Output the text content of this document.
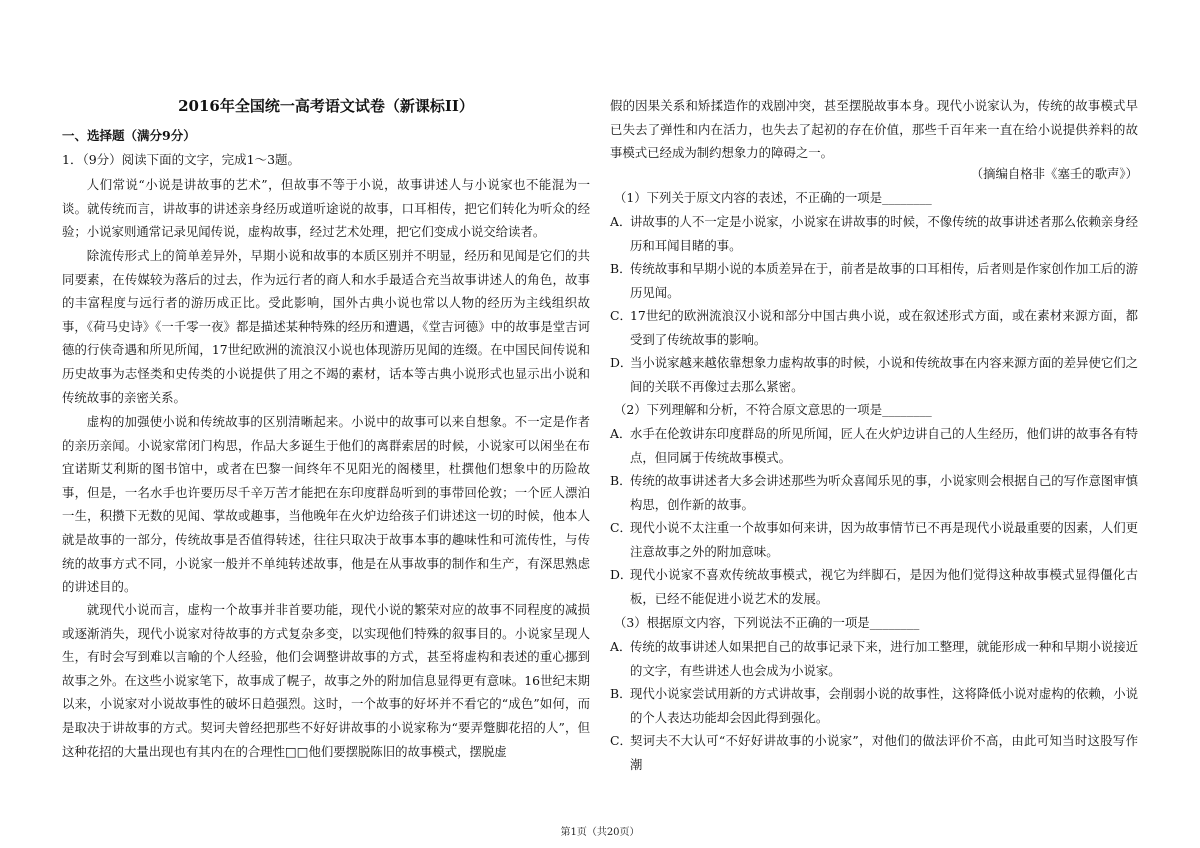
2016年全国统一高考语文试卷（新课标II）
一、选择题（满分9分）
1．（9分）阅读下面的文字，完成1～3题。

人们常说“小说是讲故事的艺术”，但故事不等于小说，故事讲述人与小说家也不能混为一谈。就传统而言，讲故事的讲述亲身经历或道听途说的故事，口耳相传，把它们转化为听众的经验；小说家则通常记录见闻传说，虚构故事，经过艺术处理，把它们变成小说交给读者。

除流传形式上的简单差异外，早期小说和故事的本质区别并不明显，经历和见闻是它们的共同要素，在传媒较为落后的过去，作为远行者的商人和水手最适合充当故事讲述人的角色，故事的丰富程度与远行者的游历成正比。受此影响，国外古典小说也常以人物的经历为主线组织故事，《荷马史诗》《一千零一夜》都是描述某种特殊的经历和遭遇，《堂吉诃德》中的故事是堂吉诃德的行侠奇遇和所见所闻，17世纪欧洲的流浪汉小说也体现游历见闻的连缀。在中国民间传说和历史故事为志怪类和史传类的小说提供了用之不竭的素材，话本等古典小说形式也显示出小说和传统故事的亲密关系。

虚构的加强使小说和传统故事的区别清晰起来。小说中的故事可以来自想象。不一定是作者的亲历亲闻。小说家常闭门构思，作品大多诞生于他们的离群索居的时候，小说家可以闲坐在布宜诺斯艾利斯的图书馆中，或者在巴黎一间终年不见阳光的阁楼里，杜撰他们想象中的历险故事，但是，一名水手也许要历尽千辛万苦才能把在东印度群岛听到的事带回伦敦；一个匠人漂泊一生，积攒下无数的见闻、掌故或趣事，当他晚年在火炉边给孩子们讲述这一切的时候，他本人就是故事的一部分，传统故事是否值得转述，往往只取决于故事本事的趣味性和可流传性，与传统的故事方式不同，小说家一般并不单纯转述故事，他是在从事故事的制作和生产，有深思熟虑的讲述目的。

就现代小说而言，虚构一个故事并非首要功能，现代小说的繁荣对应的故事不同程度的减损或逐渐消失，现代小说家对待故事的方式复杂多变，以实现他们特殊的叙事目的。小说家呈现人生，有时会写到难以言喻的个人经验，他们会调整讲故事的方式，甚至将虚构和表述的重心挪到故事之外。在这些小说家笔下，故事成了幌子，故事之外的附加信息显得更有意味。16世纪末期以来，小说家对小说故事性的破坏日趋强烈。这时，一个故事的好坏并不看它的“成色”如何，而是取决于讲故事的方式。契诃夫曾经把那些不好好讲故事的小说家称为“要弄蹩脚花招的人”，但这种花招的大量出现也有其内在的合理性□□他们要摆脱陈旧的故事模式，摆脱虚

假的因果关系和矫揉造作的戏剧冲突，甚至摆脱故事本身。现代小说家认为，传统的故事模式早已失去了弹性和内在活力，也失去了起初的存在价值，那些千百年来一直在给小说提供养料的故事模式已经成为制约想象力的障碍之一。

（摘编自格非《塞壬的歌声》）
（1）下列关于原文内容的表述，不正确的一项是________
A．
讲故事的人不一定是小说家，小说家在讲故事的时候，不像传统的故事讲述者那么依赖亲身经历和耳闻目睹的事。
B．
传统故事和早期小说的本质差异在于，前者是故事的口耳相传，后者则是作家创作加工后的游历见闻。
C．
17世纪的欧洲流浪汉小说和部分中国古典小说，或在叙述形式方面，或在素材来源方面，都受到了传统故事的影响。
D．
当小说家越来越依靠想象力虚构故事的时候，小说和传统故事在内容来源方面的差异使它们之间的关联不再像过去那么紧密。
（2）下列理解和分析，不符合原文意思的一项是________
A．
水手在伦敦讲东印度群岛的所见所闻，匠人在火炉边讲自己的人生经历，他们讲的故事各有特点，但同属于传统故事模式。
B．
传统的故事讲述者大多会讲述那些为听众喜闻乐见的事，小说家则会根据自己的写作意图审慎构思，创作新的故事。
C．
现代小说不太注重一个故事如何来讲，因为故事情节已不再是现代小说最重要的因素，人们更注意故事之外的附加意味。
D．
现代小说家不喜欢传统故事模式，视它为绊脚石，是因为他们觉得这种故事模式显得僵化古板，已经不能促进小说艺术的发展。
（3）根据原文内容，下列说法不正确的一项是________
A．
传统的故事讲述人如果把自己的故事记录下来，进行加工整理，就能形成一种和早期小说接近的文字，有些讲述人也会成为小说家。
B．
现代小说家尝试用新的方式讲故事，会削弱小说的故事性，这将降低小说对虚构的依赖，小说的个人表达功能却会因此得到强化。
C．
契诃夫不大认可“不好好讲故事的小说家”，对他们的做法评价不高，由此可知当时这股写作潮
第1页（共20页）
